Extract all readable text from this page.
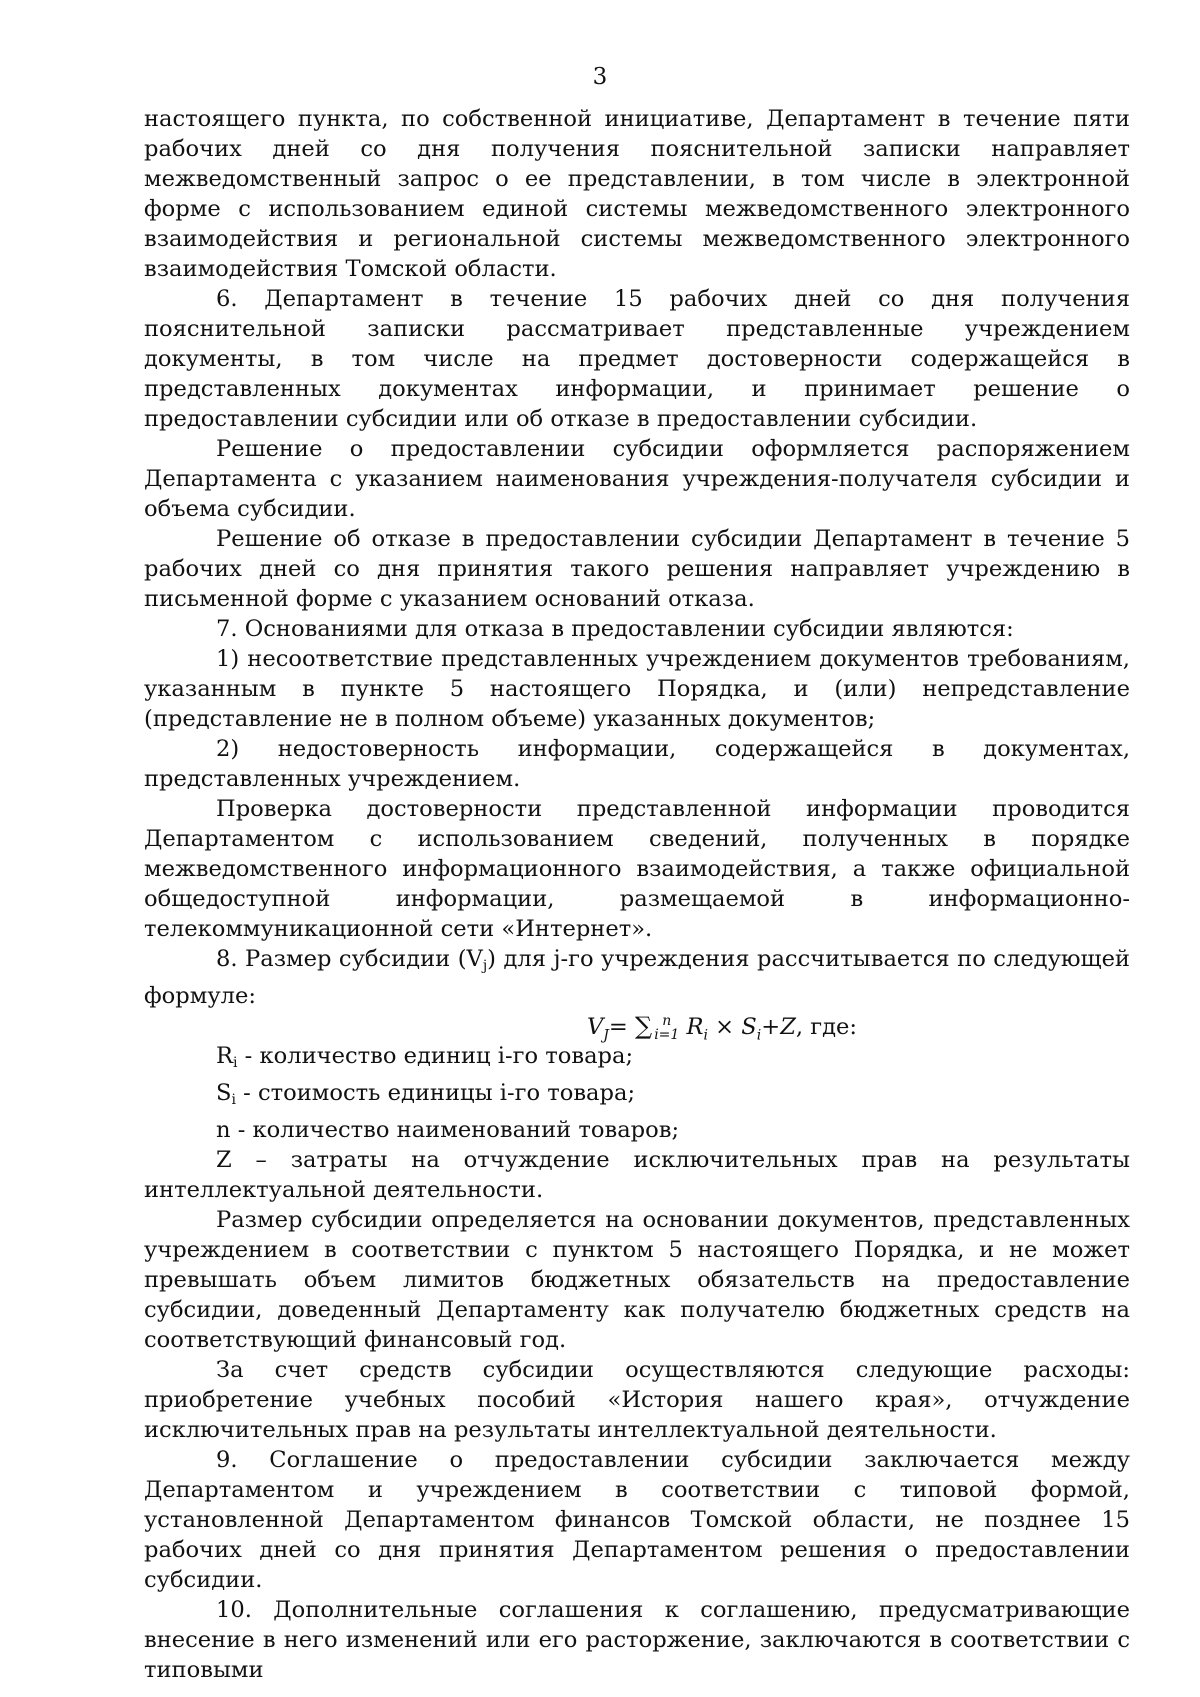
3

настоящего пункта, по собственной инициативе, Департамент в течение пяти рабочих дней со дня получения пояснительной записки направляет межведомственный запрос о ее представлении, в том числе в электронной форме с использованием единой системы межведомственного электронного взаимодействия и региональной системы межведомственного электронного взаимодействия Томской области.

6. Департамент в течение 15 рабочих дней со дня получения пояснительной записки рассматривает представленные учреждением документы, в том числе на предмет достоверности содержащейся в представленных документах информации, и принимает решение о предоставлении субсидии или об отказе в предоставлении субсидии.

Решение о предоставлении субсидии оформляется распоряжением Департамента с указанием наименования учреждения-получателя субсидии и объема субсидии.

Решение об отказе в предоставлении субсидии Департамент в течение 5 рабочих дней со дня принятия такого решения направляет учреждению в письменной форме с указанием оснований отказа.

7. Основаниями для отказа в предоставлении субсидии являются:

1) несоответствие представленных учреждением документов требованиям, указанным в пункте 5 настоящего Порядка, и (или) непредставление (представление не в полном объеме) указанных документов;

2) недостоверность информации, содержащейся в документах, представленных учреждением.

Проверка достоверности представленной информации проводится Департаментом с использованием сведений, полученных в порядке межведомственного информационного взаимодействия, а также официальной общедоступной информации, размещаемой в информационно-телекоммуникационной сети «Интернет».

8. Размер субсидии (Vj) для j-го учреждения рассчитывается по следующей формуле:

$V_J=$ ∑ n
i=1 $R_i \times S_i+Z$, где:

Ri - количество единиц i-го товара;

Si - стоимость единицы i-го товара;

n - количество наименований товаров;

Z – затраты на отчуждение исключительных прав на результаты интеллектуальной деятельности.

Размер субсидии определяется на основании документов, представленных учреждением в соответствии с пунктом 5 настоящего Порядка, и не может превышать объем лимитов бюджетных обязательств на предоставление субсидии, доведенный Департаменту как получателю бюджетных средств на соответствующий финансовый год.

За счет средств субсидии осуществляются следующие расходы: приобретение учебных пособий «История нашего края», отчуждение исключительных прав на результаты интеллектуальной деятельности.

9. Соглашение о предоставлении субсидии заключается между Департаментом и учреждением в соответствии с типовой формой, установленной Департаментом финансов Томской области, не позднее 15 рабочих дней со дня принятия Департаментом решения о предоставлении субсидии.

10. Дополнительные соглашения к соглашению, предусматривающие внесение в него изменений или его расторжение, заключаются в соответствии с типовыми
